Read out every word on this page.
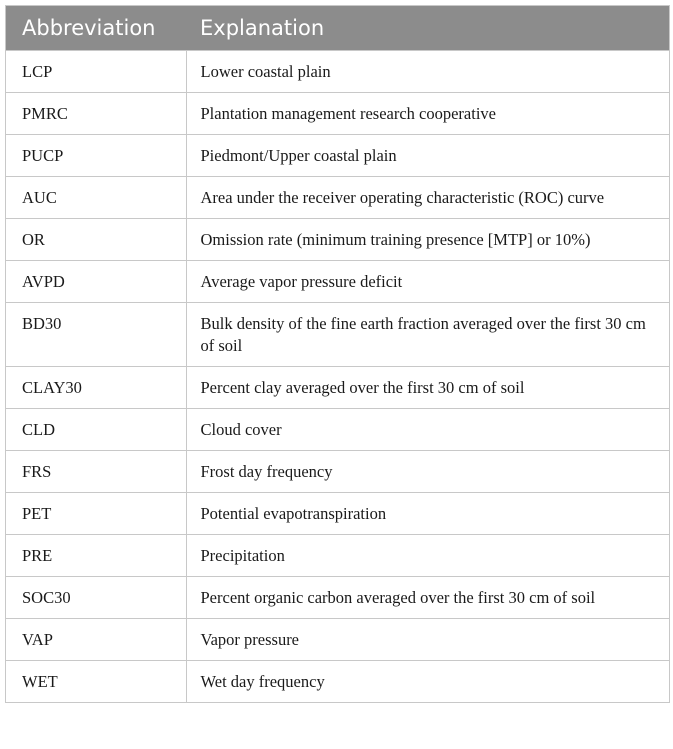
Abbreviation	Explanation
LCP	Lower coastal plain
PMRC	Plantation management research cooperative
PUCP	Piedmont/Upper coastal plain
AUC	Area under the receiver operating characteristic (ROC) curve
OR	Omission rate (minimum training presence [MTP] or 10%)
AVPD	Average vapor pressure deficit
BD30	Bulk density of the fine earth fraction averaged over the first 30 cm of soil
CLAY30	Percent clay averaged over the first 30 cm of soil
CLD	Cloud cover
FRS	Frost day frequency
PET	Potential evapotranspiration
PRE	Precipitation
SOC30	Percent organic carbon averaged over the first 30 cm of soil
VAP	Vapor pressure
WET	Wet day frequency
